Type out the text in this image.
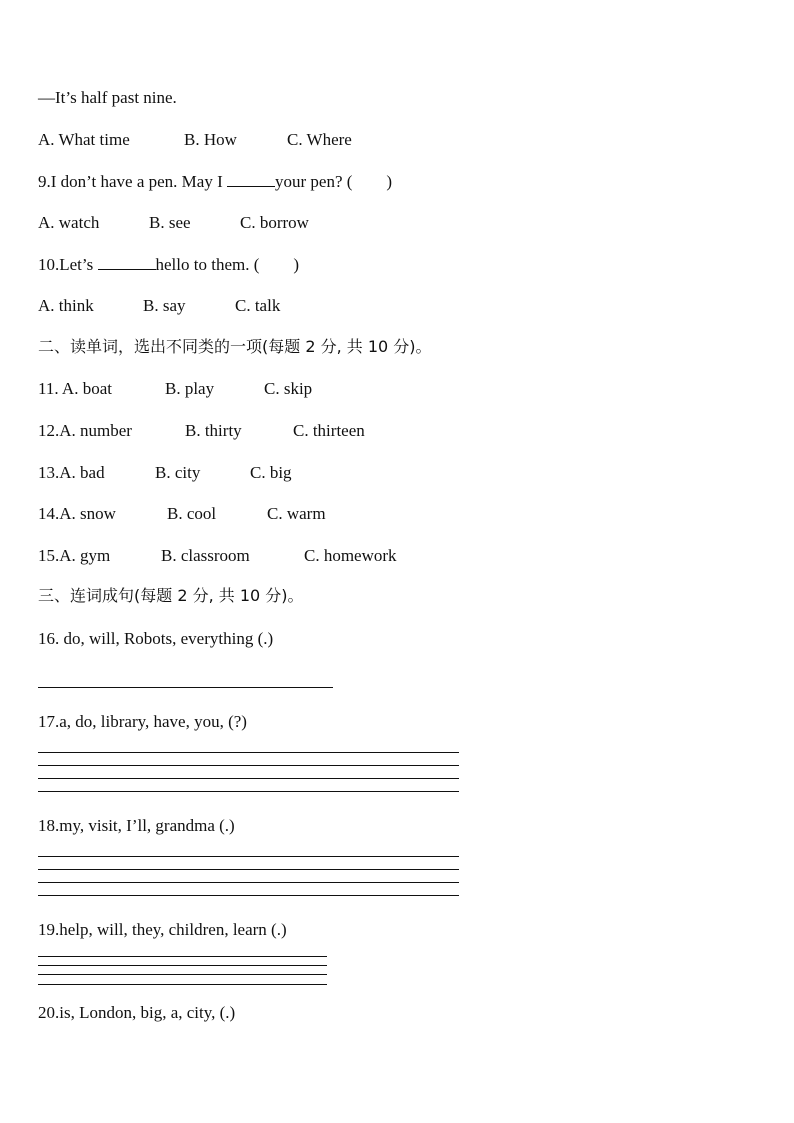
—It’s half past nine.
A. What time	B. How	C. Where
9.I don’t have a pen. May I	your pen? (　　)
A. watch	B. see	C. borrow
10.Let’s	hello to them. (　　)
A. think	B. say	C. talk
二、读单词，选出不同类的一项(每题 2 分, 共 10 分)。
11. A. boat	B. play	C. skip
12.A. number	B. thirty	C. thirteen
13.A. bad	B. city	C. big
14.A. snow	B. cool	C. warm
15.A. gym	B. classroom	C. homework
三、连词成句(每题 2 分, 共 10 分)。
16. do, will, Robots, everything (.)
17.a, do, library, have, you, (?)
18.my, visit, I’ll, grandma (.)
19.help, will, they, children, learn (.)
20.is, London, big, a, city, (.)
